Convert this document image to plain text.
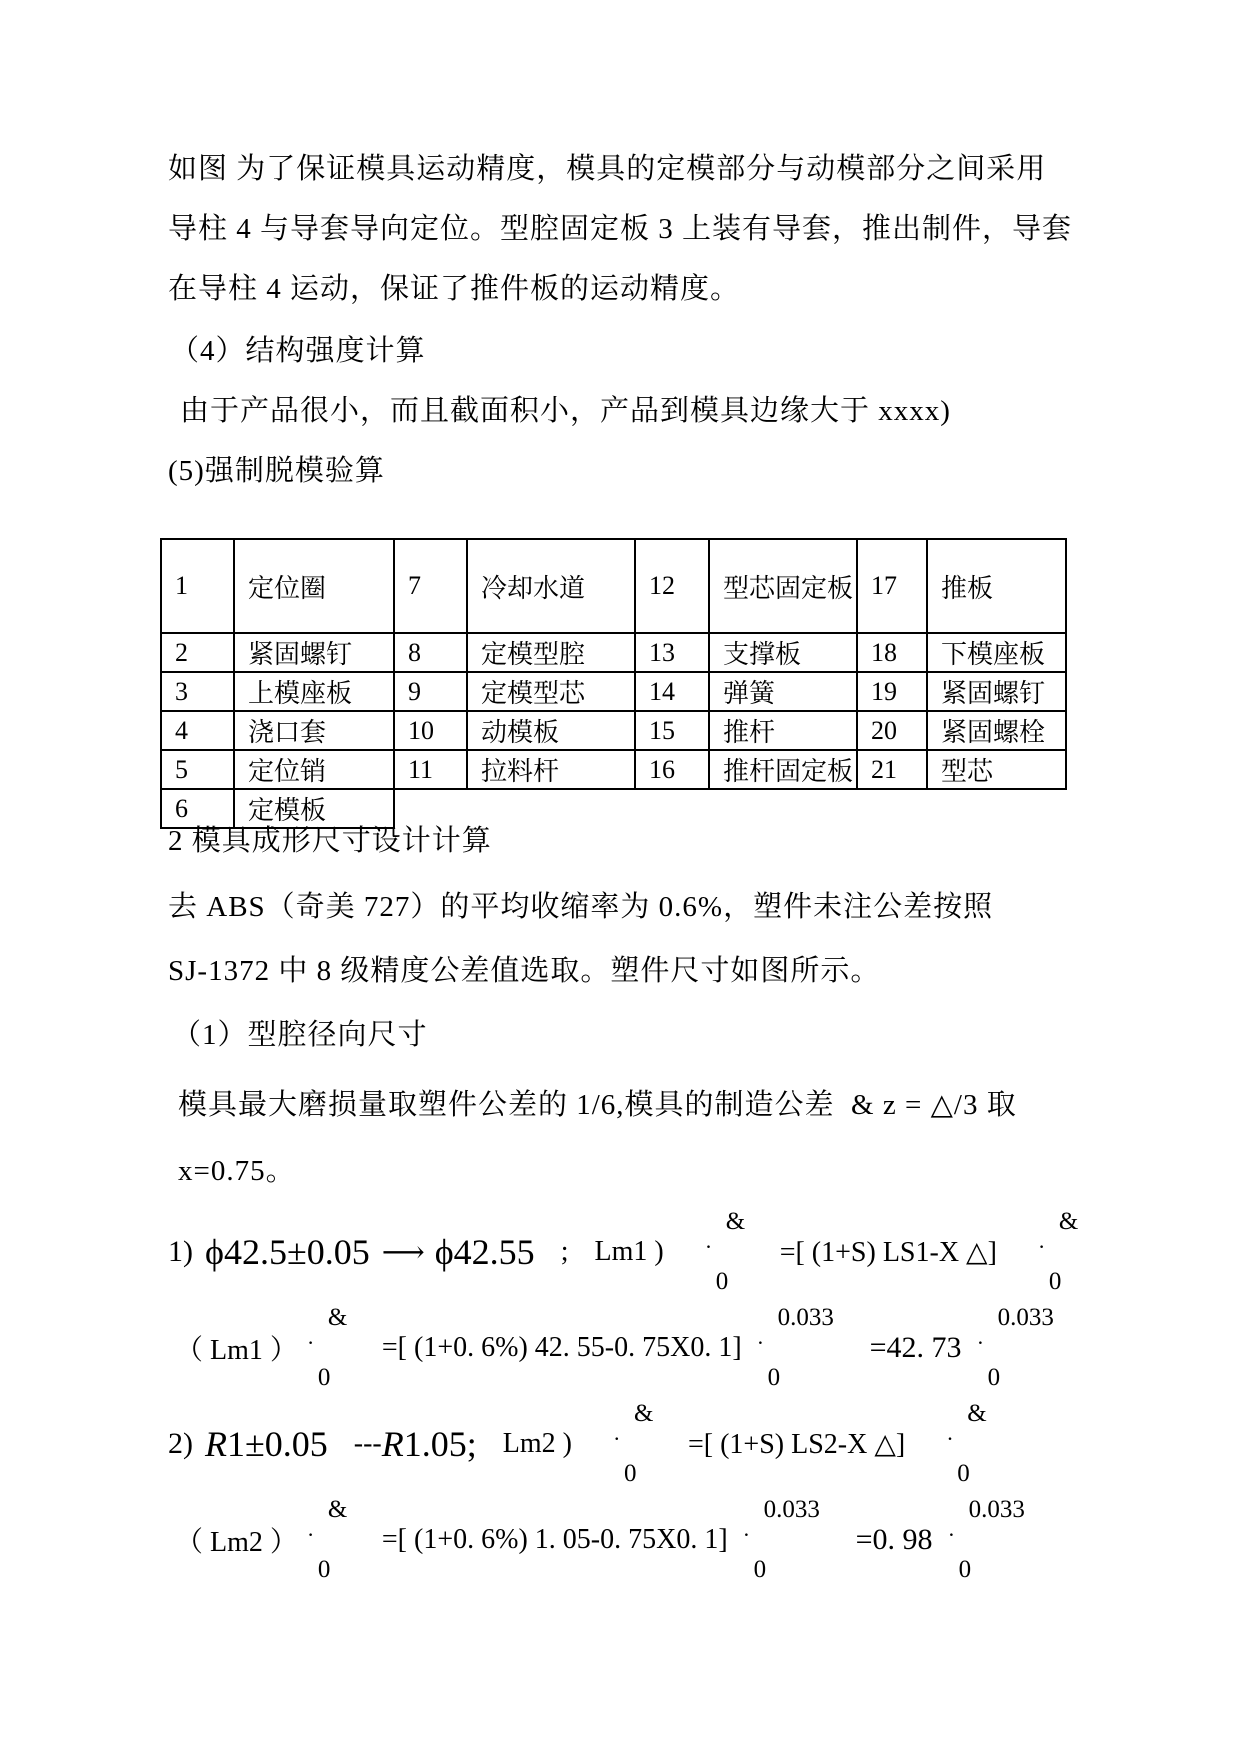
如图 为了保证模具运动精度，模具的定模部分与动模部分之间采用
导柱 4 与导套导向定位。型腔固定板 3 上装有导套，推出制件，导套
在导柱 4 运动，保证了推件板的运动精度。
（4）结构强度计算
由于产品很小，而且截面积小，产品到模具边缘大于 xxxx)
(5)强制脱模验算
1	定位圈	7	冷却水道	12	型芯固定板	17	推板
2	紧固螺钉	8	定模型腔	13	支撑板	18	下模座板
3	上模座板	9	定模型芯	14	弹簧	19	紧固螺钉
4	浇口套	10	动模板	15	推杆	20	紧固螺栓
5	定位销	11	拉料杆	16	推杆固定板	21	型芯
6	定模板						
2 模具成形尺寸设计计算
去 ABS（奇美 727）的平均收缩率为 0.6%，塑件未注公差按照
SJ-1372 中 8 级精度公差值选取。塑件尺寸如图所示。
（1）型腔径向尺寸
模具最大磨损量取塑件公差的 1/6,模具的制造公差  & z = △/3 取
x=0.75。
1) ϕ42.5±0.05 ⟶ ϕ42.55 ; Lm1 )

.

&

0

=[ (1+S) LS1-X △]

.

&

0

（ Lm1 ）

.

&

0

=[ (1+0. 6%) 42. 55-0. 75X0. 1]

.

0.033

0

=42. 73

.

0.033

0

2) R 1±0.05 --- R 1.05; Lm2 )

.

&

0

=[ (1+S) LS2-X △]

.

&

0

（ Lm2 ）

.

&

0

=[ (1+0. 6%) 1. 05-0. 75X0. 1]

.

0.033

0

=0. 98

.

0.033

0
